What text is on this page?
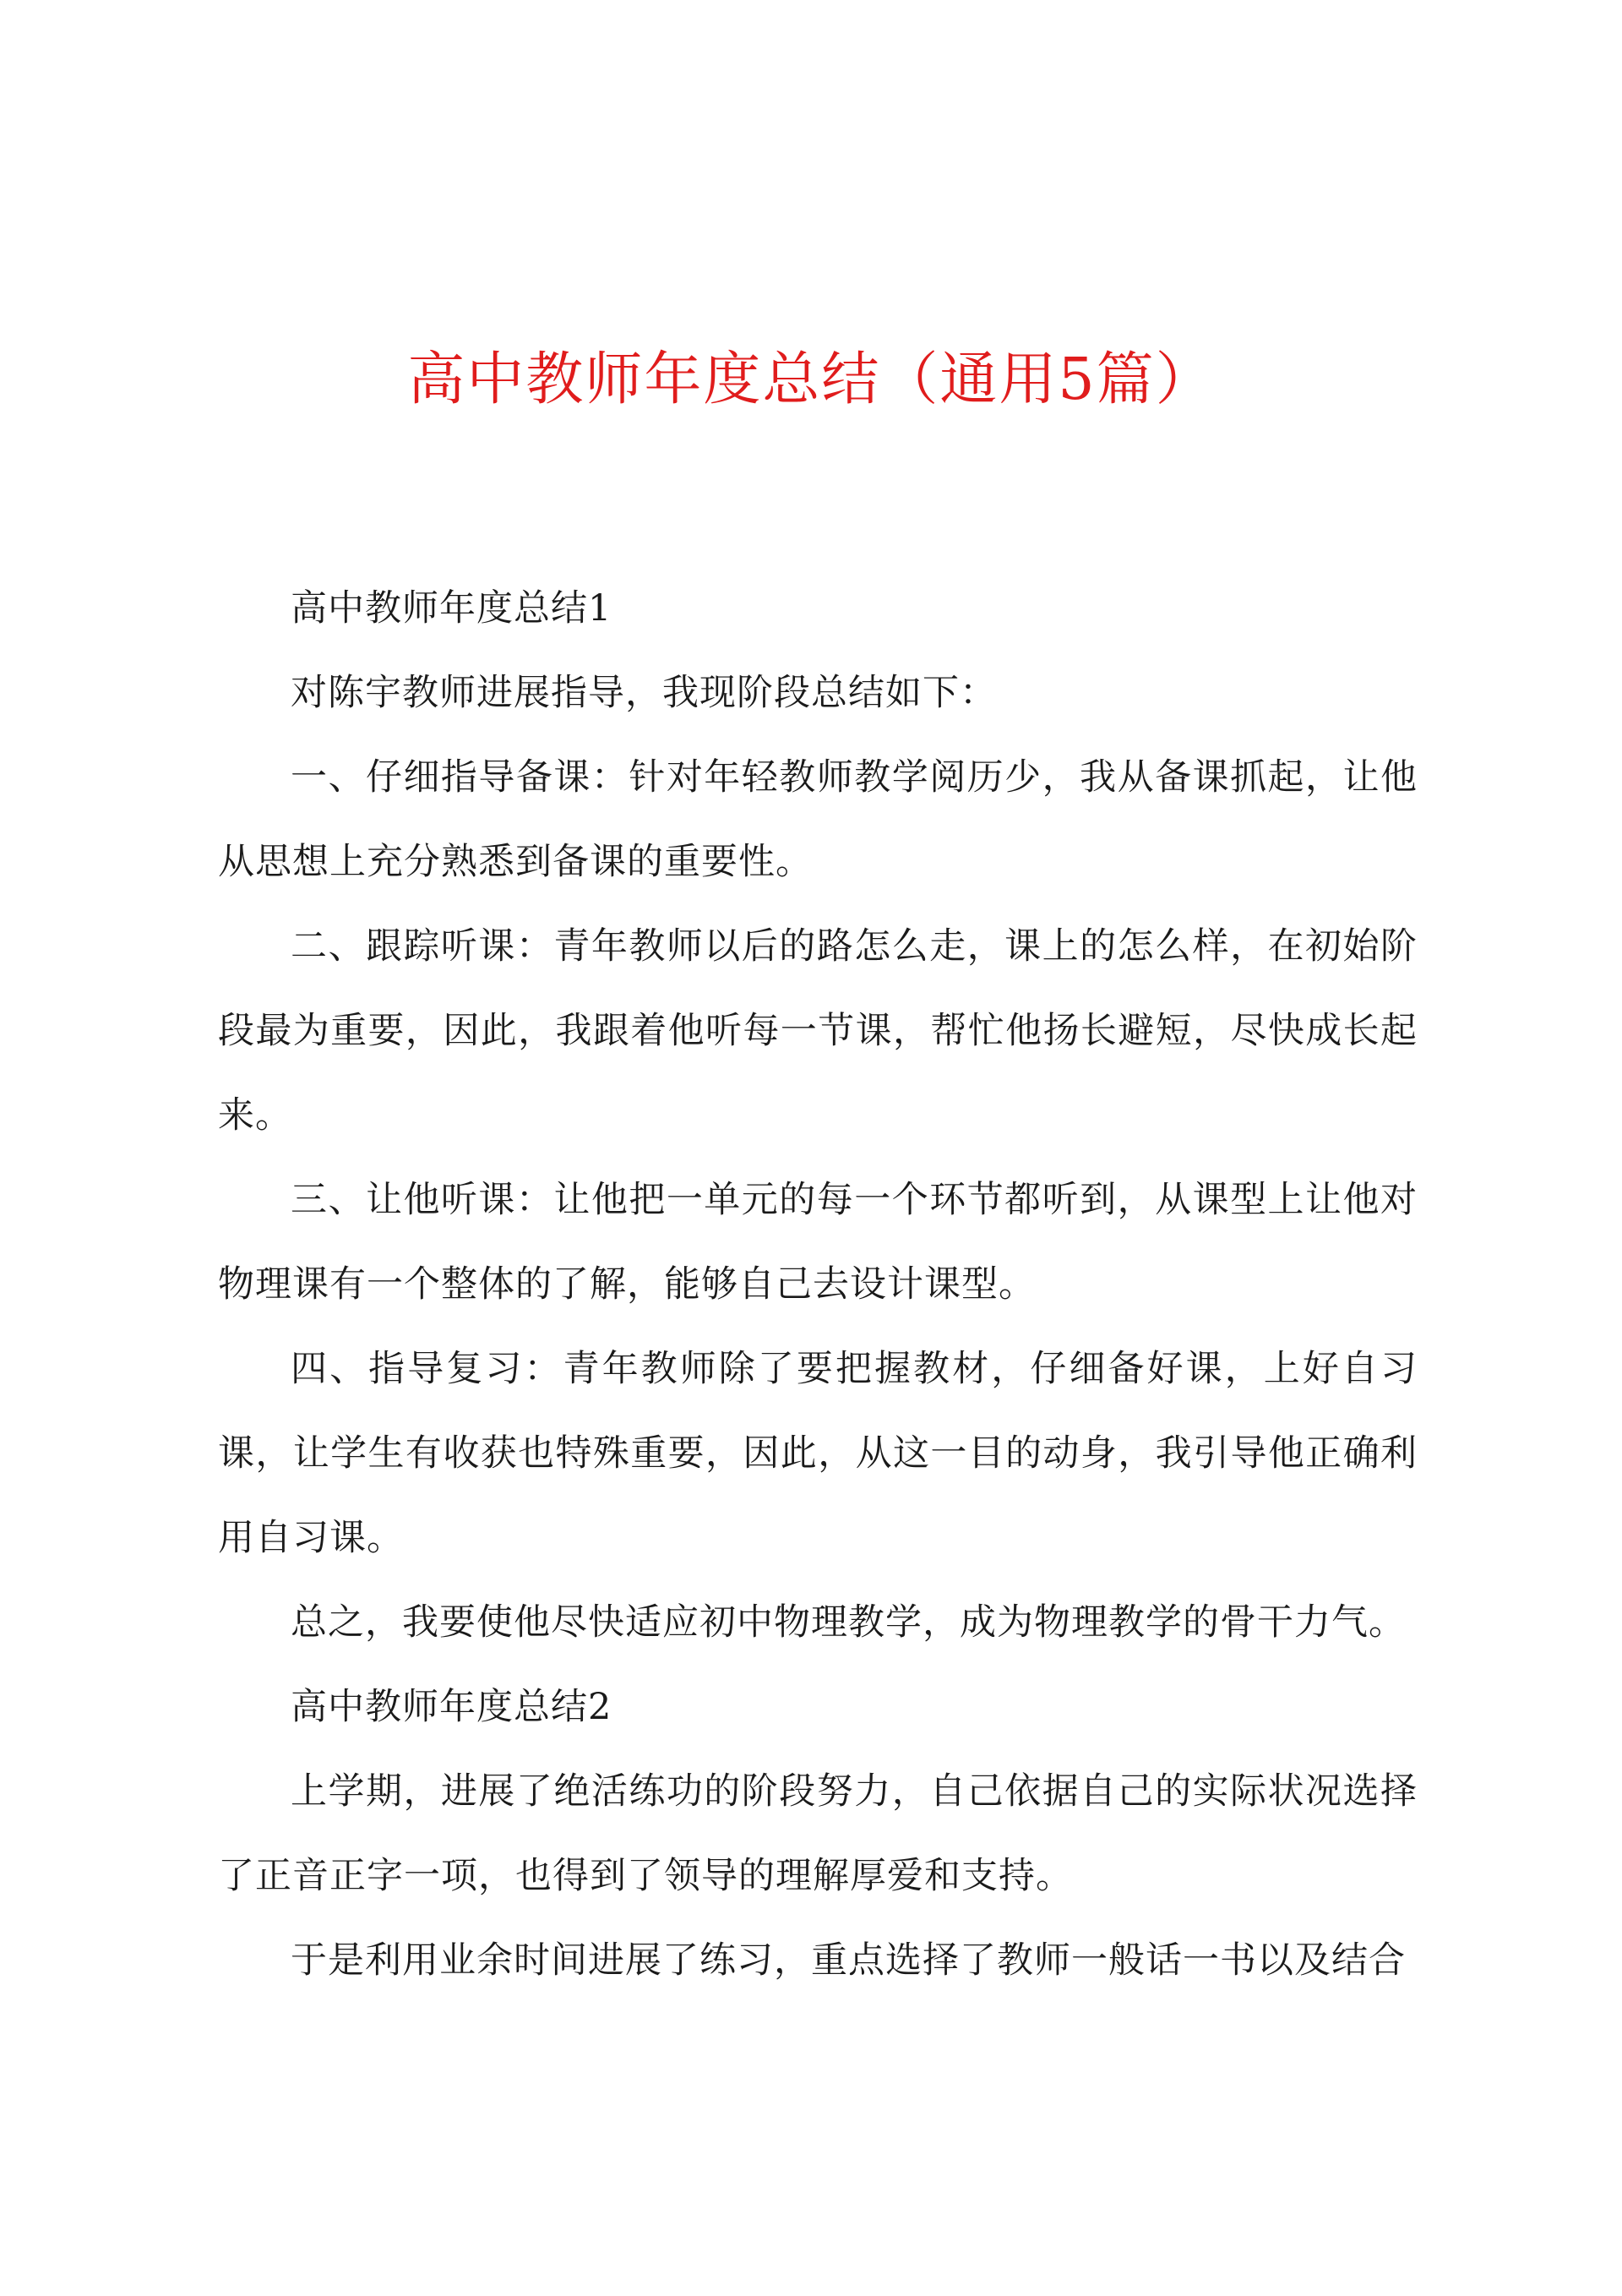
高中教师年度总结（通用5篇）

高中教师年度总结1

对陈宇教师进展指导，我现阶段总结如下：

一、仔细指导备课：针对年轻教师教学阅历少，我从备课抓起，让他从思想上充分熟悉到备课的重要性。

二、跟踪听课：青年教师以后的路怎么走，课上的怎么样，在初始阶段最为重要，因此，我跟着他听每一节课，帮忙他扬长避短，尽快成长起来。

三、让他听课：让他把一单元的每一个环节都听到，从课型上让他对物理课有一个整体的了解，能够自己去设计课型。

四、指导复习：青年教师除了要把握教材，仔细备好课，上好自习课，让学生有收获也特殊重要，因此，从这一目的动身，我引导他正确利用自习课。

总之，我要使他尽快适应初中物理教学，成为物理教学的骨干力气。

高中教师年度总结2

上学期，进展了绝活练功的阶段努力，自己依据自己的实际状况选择了正音正字一项，也得到了领导的理解厚爱和支持。

于是利用业余时间进展了练习，重点选择了教师一般话一书以及结合
